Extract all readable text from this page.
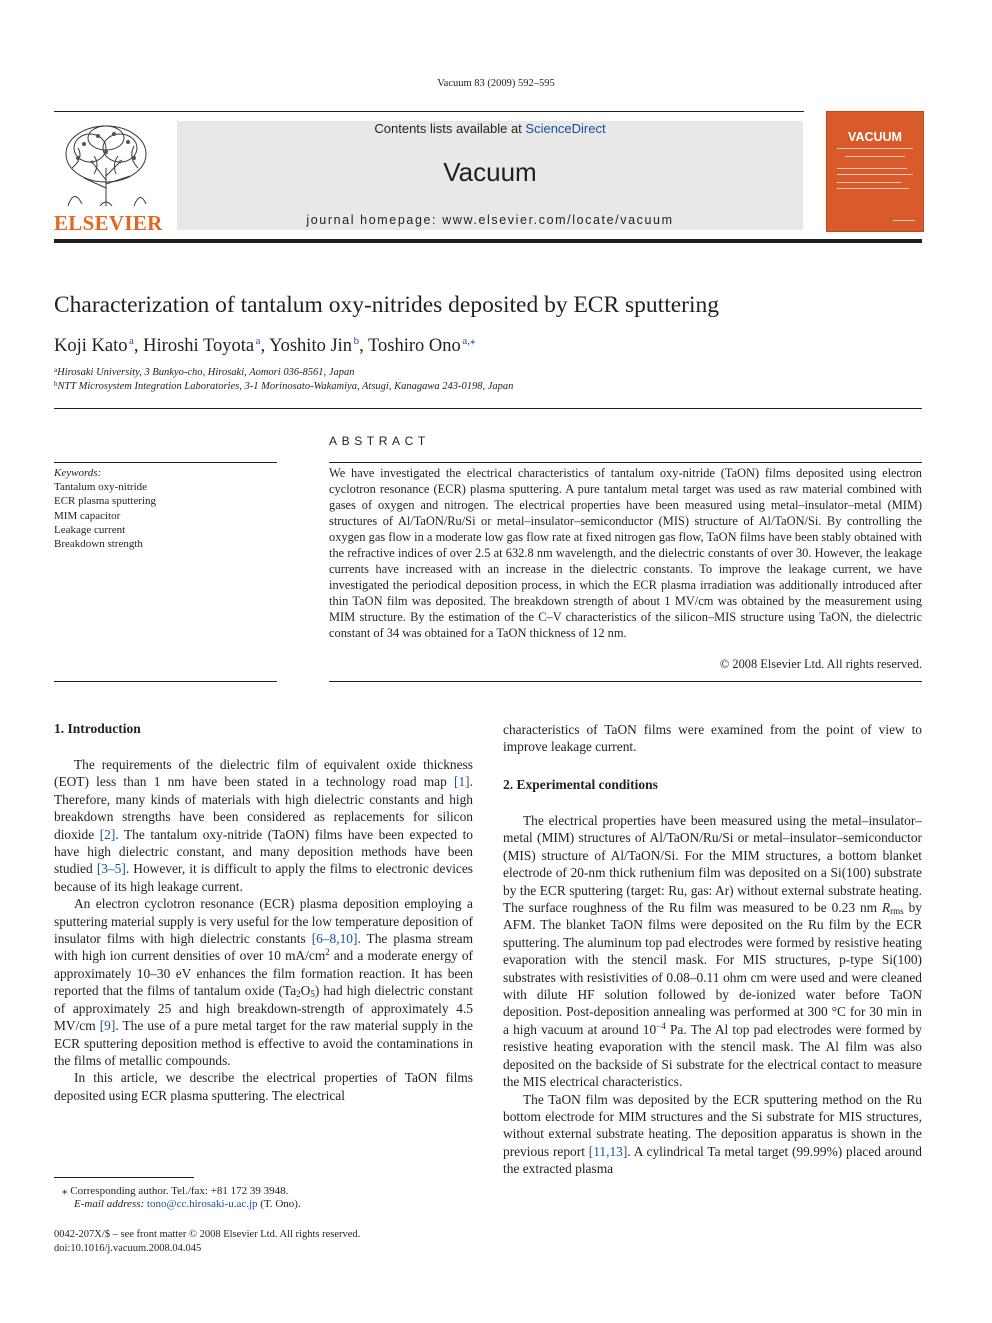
Vacuum 83 (2009) 592–595
ELSEVIER
Contents lists available at ScienceDirect
Vacuum
journal homepage: www.elsevier.com/locate/vacuum
VACUUM
Characterization of tantalum oxy-nitrides deposited by ECR sputtering
Koji Kato  $^a$, Hiroshi Toyota  $^a$, Yoshito Jin  $^b$, Toshiro Ono  $^{a,⁎}$
$^a$Hirosaki University, 3 Bunkyo-cho, Hirosaki, Aomori 036-8561, Japan
$^b$NTT Microsystem Integration Laboratories, 3-1 Morinosato-Wakamiya, Atsugi, Kanagawa 243-0198, Japan
ABSTRACT
Keywords:
Tantalum oxy-nitride
ECR plasma sputtering
MIM capacitor
Leakage current
Breakdown strength
We have investigated the electrical characteristics of tantalum oxy-nitride (TaON) films deposited using electron cyclotron resonance (ECR) plasma sputtering. A pure tantalum metal target was used as raw material combined with gases of oxygen and nitrogen. The electrical properties have been measured using metal–insulator–metal (MIM) structures of Al/TaON/Ru/Si or metal–insulator–semiconductor (MIS) structure of Al/TaON/Si. By controlling the oxygen gas flow in a moderate low gas flow rate at fixed nitrogen gas flow, TaON films have been stably obtained with the refractive indices of over 2.5 at 632.8 nm wavelength, and the dielectric constants of over 30. However, the leakage currents have increased with an increase in the dielectric constants. To improve the leakage current, we have investigated the periodical deposition process, in which the ECR plasma irradiation was additionally introduced after thin TaON film was deposited. The breakdown strength of about 1 MV/cm was obtained by the measurement using MIM structure. By the estimation of the C–V characteristics of the silicon–MIS structure using TaON, the dielectric constant of 34 was obtained for a TaON thickness of 12 nm.
© 2008 Elsevier Ltd. All rights reserved.
1. Introduction

The requirements of the dielectric film of equivalent oxide thickness (EOT) less than 1 nm have been stated in a technology road map [1]. Therefore, many kinds of materials with high dielectric constants and high breakdown strengths have been considered as replacements for silicon dioxide [2]. The tantalum oxy-nitride (TaON) films have been expected to have high dielectric constant, and many deposition methods have been studied [3–5]. However, it is difficult to apply the films to electronic devices because of its high leakage current.

An electron cyclotron resonance (ECR) plasma deposition employing a sputtering material supply is very useful for the low temperature deposition of insulator films with high dielectric constants [6–8,10]. The plasma stream with high ion current densities of over 10 $mA/cm^2$ and a moderate energy of approximately 10–30 eV enhances the film formation reaction. It has been reported that the films of tantalum oxide $(Ta_2O_5)$ had high dielectric constant of approximately 25 and high breakdown-strength of approximately 4.5 MV/cm [9]. The use of a pure metal target for the raw material supply in the ECR sputtering deposition method is effective to avoid the contaminations in the films of metallic compounds.

In this article, we describe the electrical properties of TaON films deposited using ECR plasma sputtering. The electrical

characteristics of TaON films were examined from the point of view to improve leakage current.

2. Experimental conditions

The electrical properties have been measured using the metal–insulator–metal (MIM) structures of Al/TaON/Ru/Si or metal–insulator–semiconductor (MIS) structure of Al/TaON/Si. For the MIM structures, a bottom blanket electrode of 20-nm thick ruthenium film was deposited on a Si(100) substrate by the ECR sputtering (target: Ru, gas: Ar) without external substrate heating. The surface roughness of the Ru film was measured to be 0.23 nm $R_{rms}$ by AFM. The blanket TaON films were deposited on the Ru film by the ECR sputtering. The aluminum top pad electrodes were formed by resistive heating evaporation with the stencil mask. For MIS structures, p-type Si(100) substrates with resistivities of 0.08–0.11 ohm cm were used and were cleaned with dilute HF solution followed by de-ionized water before TaON deposition. Post-deposition annealing was performed at 300 °C for 30 min in a high vacuum at around $10^{-4}$ Pa. The Al top pad electrodes were formed by resistive heating evaporation with the stencil mask. The Al film was also deposited on the backside of Si substrate for the electrical contact to measure the MIS electrical characteristics.

The TaON film was deposited by the ECR sputtering method on the Ru bottom electrode for MIM structures and the Si substrate for MIS structures, without external substrate heating. The deposition apparatus is shown in the previous report [11,13]. A cylindrical Ta metal target (99.99%) placed around the extracted plasma

⁎ Corresponding author. Tel./fax: +81 172 39 3948.
E-mail address: tono@cc.hirosaki-u.ac.jp (T. Ono).
0042-207X/$ – see front matter © 2008 Elsevier Ltd. All rights reserved.
doi:10.1016/j.vacuum.2008.04.045
